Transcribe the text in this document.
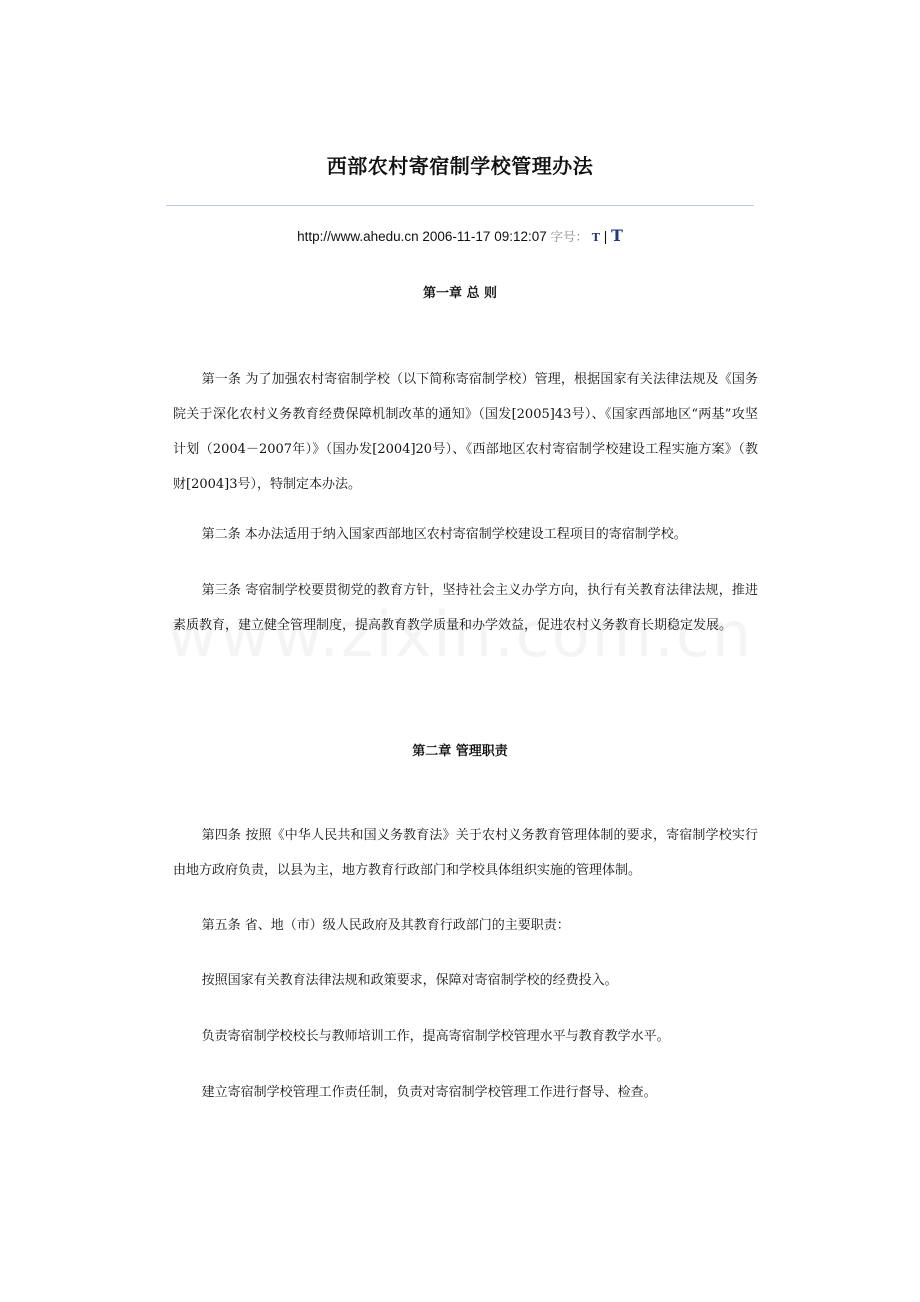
西部农村寄宿制学校管理办法
http://www.ahedu.cn 2006-11-17 09:12:07 字号： T | T
第一章 总 则
第一条 为了加强农村寄宿制学校（以下简称寄宿制学校）管理，根据国家有关法律法规及《国务院关于深化农村义务教育经费保障机制改革的通知》（国发[2005]43号）、《国家西部地区“两基”攻坚计划（2004－2007年）》（国办发[2004]20号）、《西部地区农村寄宿制学校建设工程实施方案》（教财[2004]3号），特制定本办法。
第二条 本办法适用于纳入国家西部地区农村寄宿制学校建设工程项目的寄宿制学校。
第三条 寄宿制学校要贯彻党的教育方针，坚持社会主义办学方向，执行有关教育法律法规，推进素质教育，建立健全管理制度，提高教育教学质量和办学效益，促进农村义务教育长期稳定发展。
第二章 管理职责
第四条 按照《中华人民共和国义务教育法》关于农村义务教育管理体制的要求，寄宿制学校实行由地方政府负责，以县为主，地方教育行政部门和学校具体组织实施的管理体制。
第五条 省、地（市）级人民政府及其教育行政部门的主要职责：
按照国家有关教育法律法规和政策要求，保障对寄宿制学校的经费投入。
负责寄宿制学校校长与教师培训工作，提高寄宿制学校管理水平与教育教学水平。
建立寄宿制学校管理工作责任制，负责对寄宿制学校管理工作进行督导、检查。
